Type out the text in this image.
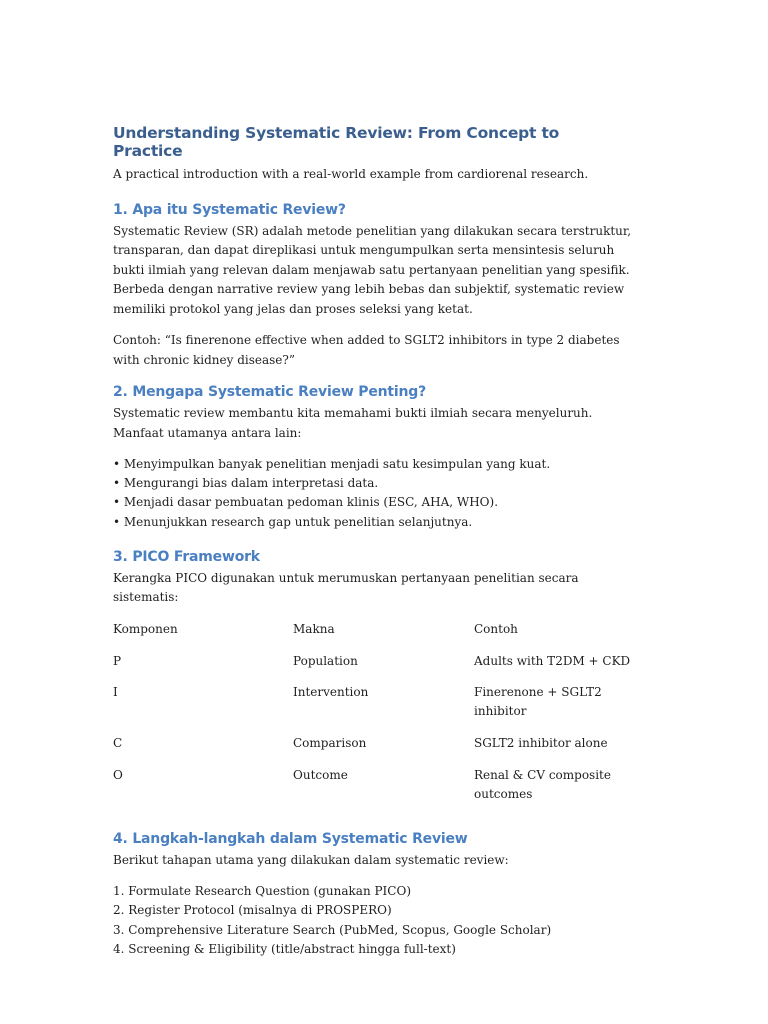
Understanding Systematic Review: From Concept to Practice

A practical introduction with a real-world example from cardiorenal research.

1. Apa itu Systematic Review?

Systematic Review (SR) adalah metode penelitian yang dilakukan secara terstruktur, transparan, dan dapat direplikasi untuk mengumpulkan serta mensintesis seluruh bukti ilmiah yang relevan dalam menjawab satu pertanyaan penelitian yang spesifik. Berbeda dengan narrative review yang lebih bebas dan subjektif, systematic review memiliki protokol yang jelas dan proses seleksi yang ketat.

Contoh: “Is finerenone effective when added to SGLT2 inhibitors in type 2 diabetes with chronic kidney disease?”

2. Mengapa Systematic Review Penting?

Systematic review membantu kita memahami bukti ilmiah secara menyeluruh. Manfaat utamanya antara lain:

• Menyimpulkan banyak penelitian menjadi satu kesimpulan yang kuat.
• Mengurangi bias dalam interpretasi data.
• Menjadi dasar pembuatan pedoman klinis (ESC, AHA, WHO).
• Menunjukkan research gap untuk penelitian selanjutnya.
3. PICO Framework

Kerangka PICO digunakan untuk merumuskan pertanyaan penelitian secara sistematis:

Komponen	Makna	Contoh
P	Population	Adults with T2DM + CKD
I	Intervention	Finerenone + SGLT2 inhibitor
C	Comparison	SGLT2 inhibitor alone
O	Outcome	Renal & CV composite outcomes
4. Langkah-langkah dalam Systematic Review

Berikut tahapan utama yang dilakukan dalam systematic review:

1. Formulate Research Question (gunakan PICO)
2. Register Protocol (misalnya di PROSPERO)
3. Comprehensive Literature Search (PubMed, Scopus, Google Scholar)
4. Screening & Eligibility (title/abstract hingga full-text)
